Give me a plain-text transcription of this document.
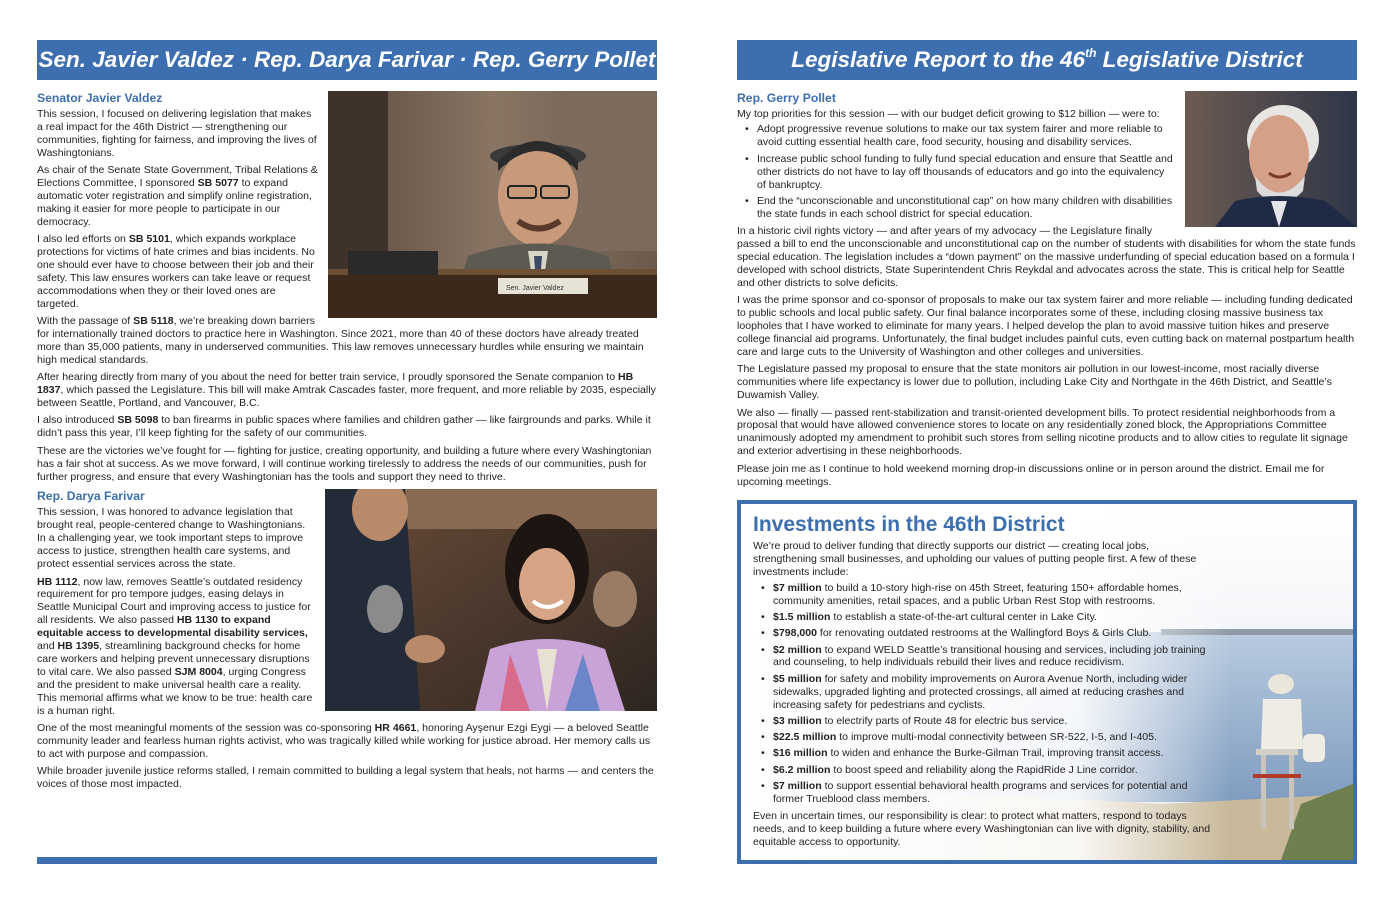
Sen. Javier Valdez · Rep. Darya Farivar · Rep. Gerry Pollet
Sen. Javier Valdez
Senator Javier Valdez

This session, I focused on delivering legislation that makes a real impact for the 46th District — strengthening our communities, fighting for fairness, and improving the lives of Washingtonians.

As chair of the Senate State Government, Tribal Relations & Elections Committee, I sponsored SB 5077 to expand automatic voter registration and simplify online registration, making it easier for more people to participate in our democracy.

I also led efforts on SB 5101, which expands workplace protections for victims of hate crimes and bias incidents. No one should ever have to choose between their job and their safety. This law ensures workers can take leave or request accommodations when they or their loved ones are targeted.

With the passage of SB 5118, we’re breaking down barriers for internationally trained doctors to practice here in Washington. Since 2021, more than 40 of these doctors have already treated more than 35,000 patients, many in underserved communities. This law removes unnecessary hurdles while ensuring we maintain high medical standards.

After hearing directly from many of you about the need for better train service, I proudly sponsored the Senate companion to HB 1837, which passed the Legislature. This bill will make Amtrak Cascades faster, more frequent, and more reliable by 2035, especially between Seattle, Portland, and Vancouver, B.C.

I also introduced SB 5098 to ban firearms in public spaces where families and children gather — like fairgrounds and parks. While it didn’t pass this year, I’ll keep fighting for the safety of our communities.

These are the victories we’ve fought for — fighting for justice, creating opportunity, and building a future where every Washingtonian has a fair shot at success. As we move forward, I will continue working tirelessly to address the needs of our communities, push for further progress, and ensure that every Washingtonian has the tools and support they need to thrive.

Rep. Darya Farivar

This session, I was honored to advance legislation that brought real, people-centered change to Washingtonians. In a challenging year, we took important steps to improve access to justice, strengthen health care systems, and protect essential services across the state.

HB 1112, now law, removes Seattle’s outdated residency requirement for pro tempore judges, easing delays in Seattle Municipal Court and improving access to justice for all residents. We also passed HB 1130 to expand equitable access to developmental disability services, and HB 1395, streamlining background checks for home care workers and helping prevent unnecessary disruptions to vital care. We also passed SJM 8004, urging Congress and the president to make universal health care a reality. This memorial affirms what we know to be true: health care is a human right.

One of the most meaningful moments of the session was co-sponsoring HR 4661, honoring Ayşenur Ezgi Eygi — a beloved Seattle community leader and fearless human rights activist, who was tragically killed while working for justice abroad. Her memory calls us to act with purpose and compassion.

While broader juvenile justice reforms stalled, I remain committed to building a legal system that heals, not harms — and centers the voices of those most impacted.

Legislative Report to the 46th Legislative District
Rep. Gerry Pollet

My top priorities for this session — with our budget deficit growing to $12 billion — were to:

• Adopt progressive revenue solutions to make our tax system fairer and more reliable to avoid cutting essential health care, food security, housing and disability services.
• Increase public school funding to fully fund special education and ensure that Seattle and other districts do not have to lay off thousands of educators and go into the equivalency of bankruptcy.
• End the “unconscionable and unconstitutional cap” on how many children with disabilities the state funds in each school district for special education.

In a historic civil rights victory — and after years of my advocacy — the Legislature finally passed a bill to end the unconscionable and unconstitutional cap on the number of students with disabilities for whom the state funds special education. The legislation includes a “down payment” on the massive underfunding of special education based on a formula I developed with school districts, State Superintendent Chris Reykdal and advocates across the state. This is critical help for Seattle and other districts to solve deficits.

I was the prime sponsor and co-sponsor of proposals to make our tax system fairer and more reliable — including funding dedicated to public schools and local public safety. Our final balance incorporates some of these, including closing massive business tax loopholes that I have worked to eliminate for many years. I helped develop the plan to avoid massive tuition hikes and preserve college financial aid programs. Unfortunately, the final budget includes painful cuts, even cutting back on maternal postpartum health care and large cuts to the University of Washington and other colleges and universities.

The Legislature passed my proposal to ensure that the state monitors air pollution in our lowest-income, most racially diverse communities where life expectancy is lower due to pollution, including Lake City and Northgate in the 46th District, and Seattle’s Duwamish Valley.

We also — finally — passed rent-stabilization and transit-oriented development bills. To protect residential neighborhoods from a proposal that would have allowed convenience stores to locate on any residentially zoned block, the Appropriations Committee unanimously adopted my amendment to prohibit such stores from selling nicotine products and to allow cities to regulate lit signage and exterior advertising in these neighborhoods.

Please join me as I continue to hold weekend morning drop-in discussions online or in person around the district. Email me for upcoming meetings.

Investments in the 46th District

We’re proud to deliver funding that directly supports our district — creating local jobs, strengthening small businesses, and upholding our values of putting people first. A few of these investments include:

• $7 million to build a 10-story high-rise on 45th Street, featuring 150+ affordable homes, community amenities, retail spaces, and a public Urban Rest Stop with restrooms.
• $1.5 million to establish a state-of-the-art cultural center in Lake City.
• $798,000 for renovating outdated restrooms at the Wallingford Boys & Girls Club.
• $2 million to expand WELD Seattle’s transitional housing and services, including job training and counseling, to help individuals rebuild their lives and reduce recidivism.
• $5 million for safety and mobility improvements on Aurora Avenue North, including wider sidewalks, upgraded lighting and protected crossings, all aimed at reducing crashes and increasing safety for pedestrians and cyclists.
• $3 million to electrify parts of Route 48 for electric bus service.
• $22.5 million to improve multi-modal connectivity between SR-522, I-5, and I-405.
• $16 million to widen and enhance the Burke-Gilman Trail, improving transit access.
• $6.2 million to boost speed and reliability along the RapidRide J Line corridor.
• $7 million to support essential behavioral health programs and services for potential and former Trueblood class members.

Even in uncertain times, our responsibility is clear: to protect what matters, respond to todays needs, and to keep building a future where every Washingtonian can live with dignity, stability, and equitable access to opportunity.
